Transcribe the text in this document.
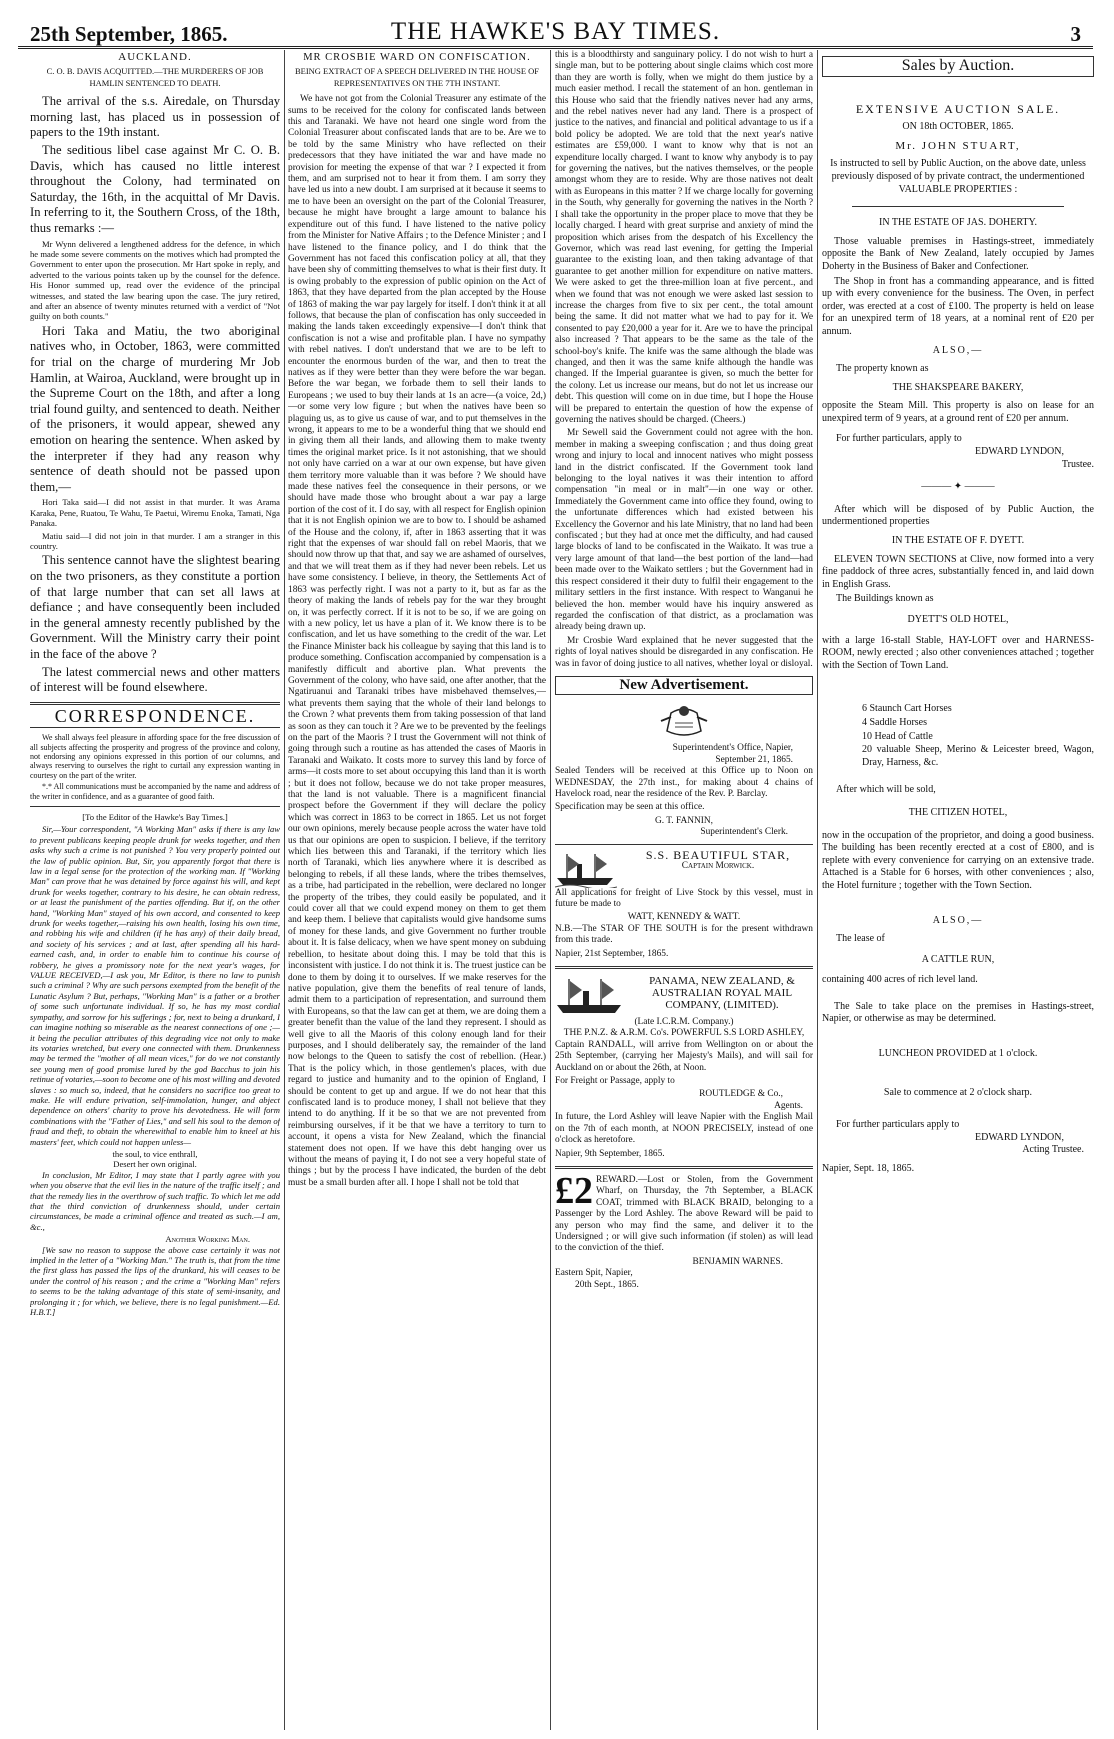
25th September, 1865.	THE HAWKE'S BAY TIMES.	3
AUCKLAND.
C. O. B. DAVIS ACQUITTED.—THE MURDERERS OF JOB HAMLIN SENTENCED TO DEATH.

The arrival of the s.s. Airedale, on Thursday morning last, has placed us in possession of papers to the 19th instant.

The seditious libel case against Mr C. O. B. Davis, which has caused no little interest throughout the Colony, had terminated on Saturday, the 16th, in the acquittal of Mr Davis. In referring to it, the Southern Cross, of the 18th, thus remarks :—

Mr Wynn delivered a lengthened address for the defence, in which he made some severe comments on the motives which had prompted the Government to enter upon the prosecution. Mr Hart spoke in reply, and adverted to the various points taken up by the counsel for the defence. His Honor summed up, read over the evidence of the principal witnesses, and stated the law bearing upon the case. The jury retired, and after an absence of twenty minutes returned with a verdict of "Not guilty on both counts."

Hori Taka and Matiu, the two aboriginal natives who, in October, 1863, were committed for trial on the charge of murdering Mr Job Hamlin, at Wairoa, Auckland, were brought up in the Supreme Court on the 18th, and after a long trial found guilty, and sentenced to death. Neither of the prisoners, it would appear, shewed any emotion on hearing the sentence. When asked by the interpreter if they had any reason why sentence of death should not be passed upon them,—

Hori Taka said—I did not assist in that murder. It was Arama Karaka, Pene, Ruatou, Te Wahu, Te Paetui, Wiremu Enoka, Tamati, Nga Panaka.

Matiu said—I did not join in that murder. I am a stranger in this country.

This sentence cannot have the slightest bearing on the two prisoners, as they constitute a portion of that large number that can set all laws at defiance ; and have consequently been included in the general amnesty recently published by the Government. Will the Ministry carry their point in the face of the above ?

The latest commercial news and other matters of interest will be found elsewhere.

CORRESPONDENCE.

We shall always feel pleasure in affording space for the free discussion of all subjects affecting the prosperity and progress of the province and colony, not endorsing any opinions expressed in this portion of our columns, and always reserving to ourselves the right to curtail any expression wanting in courtesy on the part of the writer.

*.* All communications must be accompanied by the name and address of the writer in confidence, and as a guarantee of good faith.

[To the Editor of the Hawke's Bay Times.]

Sir,—Your correspondent, "A Working Man" asks if there is any law to prevent publicans keeping people drunk for weeks together, and then asks why such a crime is not punished ? You very properly pointed out the law of public opinion. But, Sir, you apparently forgot that there is law in a legal sense for the protection of the working man. If "Working Man" can prove that he was detained by force against his will, and kept drunk for weeks together, contrary to his desire, he can obtain redress, or at least the punishment of the parties offending. But if, on the other hand, "Working Man" stayed of his own accord, and consented to keep drunk for weeks together,—raising his own health, losing his own time, and robbing his wife and children (if he has any) of their daily bread, and society of his services ; and at last, after spending all his hard-earned cash, and, in order to enable him to continue his course of robbery, he gives a promissory note for the next year's wages, for VALUE RECEIVED,—I ask you, Mr Editor, is there no law to punish such a criminal ? Why are such persons exempted from the benefit of the Lunatic Asylum ? But, perhaps, "Working Man" is a father or a brother of some such unfortunate individual. If so, he has my most cordial sympathy, and sorrow for his sufferings ; for, next to being a drunkard, I can imagine nothing so miserable as the nearest connections of one ;—it being the peculiar attributes of this degrading vice not only to make its votaries wretched, but every one connected with them. Drunkenness may be termed the "mother of all mean vices," for do we not constantly see young men of good promise lured by the god Bacchus to join his retinue of votaries,—soon to become one of his most willing and devoted slaves : so much so, indeed, that he considers no sacrifice too great to make. He will endure privation, self-immolation, hunger, and abject dependence on others' charity to prove his devotedness. He will form combinations with the "Father of Lies," and sell his soul to the demon of fraud and theft, to obtain the wherewithal to enable him to kneel at his masters' feet, which could not happen unless—

the soul, to vice enthrall,
Desert her own original.

In conclusion, Mr Editor, I may state that I partly agree with you when you observe that the evil lies in the nature of the traffic itself ; and that the remedy lies in the overthrow of such traffic. To which let me add that the third conviction of drunkenness should, under certain circumstances, be made a criminal offence and treated as such.—I am, &c.,

Another Working Man.

[We saw no reason to suppose the above case certainly it was not implied in the letter of a "Working Man." The truth is, that from the time the first glass has passed the lips of the drunkard, his will ceases to be under the control of his reason ; and the crime a "Working Man" refers to seems to be the taking advantage of this state of semi-insanity, and prolonging it ; for which, we believe, there is no legal punishment.—Ed. H.B.T.]

MR CROSBIE WARD ON CONFISCATION.
BEING EXTRACT OF A SPEECH DELIVERED IN THE HOUSE OF REPRESENTATIVES ON THE 7TH INSTANT.

We have not got from the Colonial Treasurer any estimate of the sums to be received for the colony for confiscated lands between this and Taranaki. We have not heard one single word from the Colonial Treasurer about confiscated lands that are to be. Are we to be told by the same Ministry who have reflected on their predecessors that they have initiated the war and have made no provision for meeting the expense of that war ? I expected it from them, and am surprised not to hear it from them. I am sorry they have led us into a new doubt. I am surprised at it because it seems to me to have been an oversight on the part of the Colonial Treasurer, because he might have brought a large amount to balance his expenditure out of this fund. I have listened to the native policy from the Minister for Native Affairs ; to the Defence Minister ; and I have listened to the finance policy, and I do think that the Government has not faced this confiscation policy at all, that they have been shy of committing themselves to what is their first duty. It is owing probably to the expression of public opinion on the Act of 1863, that they have departed from the plan accepted by the House of 1863 of making the war pay largely for itself. I don't think it at all follows, that because the plan of confiscation has only succeeded in making the lands taken exceedingly expensive—I don't think that confiscation is not a wise and profitable plan. I have no sympathy with rebel natives. I don't understand that we are to be left to encounter the enormous burden of the war, and then to treat the natives as if they were better than they were before the war began. Before the war began, we forbade them to sell their lands to Europeans ; we used to buy their lands at 1s an acre—(a voice, 2d,)—or some very low figure ; but when the natives have been so plaguing us, as to give us cause of war, and to put themselves in the wrong, it appears to me to be a wonderful thing that we should end in giving them all their lands, and allowing them to make twenty times the original market price. Is it not astonishing, that we should not only have carried on a war at our own expense, but have given them territory more valuable than it was before ? We should have made these natives feel the consequence in their persons, or we should have made those who brought about a war pay a large portion of the cost of it. I do say, with all respect for English opinion that it is not English opinion we are to bow to. I should be ashamed of the House and the colony, if, after in 1863 asserting that it was right that the expenses of war should fall on rebel Maoris, that we should now throw up that that, and say we are ashamed of ourselves, and that we will treat them as if they had never been rebels. Let us have some consistency. I believe, in theory, the Settlements Act of 1863 was perfectly right. I was not a party to it, but as far as the theory of making the lands of rebels pay for the war they brought on, it was perfectly correct. If it is not to be so, if we are going on with a new policy, let us have a plan of it. We know there is to be confiscation, and let us have something to the credit of the war. Let the Finance Minister back his colleague by saying that this land is to produce something. Confiscation accompanied by compensation is a manifestly difficult and abortive plan. What prevents the Government of the colony, who have said, one after another, that the Ngatiruanui and Taranaki tribes have misbehaved themselves,—what prevents them saying that the whole of their land belongs to the Crown ? what prevents them from taking possession of that land as soon as they can touch it ? Are we to be prevented by the feelings on the part of the Maoris ? I trust the Government will not think of going through such a routine as has attended the cases of Maoris in Taranaki and Waikato. It costs more to survey this land by force of arms—it costs more to set about occupying this land than it is worth ; but it does not follow, because we do not take proper measures, that the land is not valuable. There is a magnificent financial prospect before the Government if they will declare the policy which was correct in 1863 to be correct in 1865. Let us not forget our own opinions, merely because people across the water have told us that our opinions are open to suspicion. I believe, if the territory which lies between this and Taranaki, if the territory which lies north of Taranaki, which lies anywhere where it is described as belonging to rebels, if all these lands, where the tribes themselves, as a tribe, had participated in the rebellion, were declared no longer the property of the tribes, they could easily be populated, and it could cover all that we could expend money on them to get them and keep them. I believe that capitalists would give handsome sums of money for these lands, and give Government no further trouble about it. It is false delicacy, when we have spent money on subduing rebellion, to hesitate about doing this. I may be told that this is inconsistent with justice. I do not think it is. The truest justice can be done to them by doing it to ourselves. If we make reserves for the native population, give them the benefits of real tenure of lands, admit them to a participation of representation, and surround them with Europeans, so that the law can get at them, we are doing them a greater benefit than the value of the land they represent. I should as well give to all the Maoris of this colony enough land for their purposes, and I should deliberately say, the remainder of the land now belongs to the Queen to satisfy the cost of rebellion. (Hear.) That is the policy which, in those gentlemen's places, with due regard to justice and humanity and to the opinion of England, I should be content to get up and argue. If we do not hear that this confiscated land is to produce money, I shall not believe that they intend to do anything. If it be so that we are not prevented from reimbursing ourselves, if it be that we have a territory to turn to account, it opens a vista for New Zealand, which the financial statement does not open. If we have this debt hanging over us without the means of paying it, I do not see a very hopeful state of things ; but by the process I have indicated, the burden of the debt must be a small burden after all. I hope I shall not be told that

this is a bloodthirsty and sanguinary policy. I do not wish to hurt a single man, but to be pottering about single claims which cost more than they are worth is folly, when we might do them justice by a much easier method. I recall the statement of an hon. gentleman in this House who said that the friendly natives never had any arms, and the rebel natives never had any land. There is a prospect of justice to the natives, and financial and political advantage to us if a bold policy be adopted. We are told that the next year's native estimates are £59,000. I want to know why that is not an expenditure locally charged. I want to know why anybody is to pay for governing the natives, but the natives themselves, or the people amongst whom they are to reside. Why are those natives not dealt with as Europeans in this matter ? If we charge locally for governing in the South, why generally for governing the natives in the North ? I shall take the opportunity in the proper place to move that they be locally charged. I heard with great surprise and anxiety of mind the proposition which arises from the despatch of his Excellency the Governor, which was read last evening, for getting the Imperial guarantee to the existing loan, and then taking advantage of that guarantee to get another million for expenditure on native matters. We were asked to get the three-million loan at five percent., and when we found that was not enough we were asked last session to increase the charges from five to six per cent., the total amount being the same. It did not matter what we had to pay for it. We consented to pay £20,000 a year for it. Are we to have the principal also increased ? That appears to be the same as the tale of the school-boy's knife. The knife was the same although the blade was changed, and then it was the same knife although the handle was changed. If the Imperial guarantee is given, so much the better for the colony. Let us increase our means, but do not let us increase our debt. This question will come on in due time, but I hope the House will be prepared to entertain the question of how the expense of governing the natives should be charged. (Cheers.)

Mr Sewell said the Government could not agree with the hon. member in making a sweeping confiscation ; and thus doing great wrong and injury to local and innocent natives who might possess land in the district confiscated. If the Government took land belonging to the loyal natives it was their intention to afford compensation "in meal or in malt"—in one way or other. Immediately the Government came into office they found, owing to the unfortunate differences which had existed between his Excellency the Governor and his late Ministry, that no land had been confiscated ; but they had at once met the difficulty, and had caused large blocks of land to be confiscated in the Waikato. It was true a very large amount of that land—the best portion of the land—had been made over to the Waikato settlers ; but the Government had in this respect considered it their duty to fulfil their engagement to the military settlers in the first instance. With respect to Wanganui he believed the hon. member would have his inquiry answered as regarded the confiscation of that district, as a proclamation was already being drawn up.

Mr Crosbie Ward explained that he never suggested that the rights of loyal natives should be disregarded in any confiscation. He was in favor of doing justice to all natives, whether loyal or disloyal.

New Advertisement.
Superintendent's Office, Napier,
September 21, 1865.

Sealed Tenders will be received at this Office up to Noon on WEDNESDAY, the 27th inst., for making about 4 chains of Havelock road, near the residence of the Rev. P. Barclay.

Specification may be seen at this office.

G. T. FANNIN,
Superintendent's Clerk.
S.S. BEAUTIFUL STAR,
Captain Morwick.

All applications for freight of Live Stock by this vessel, must in future be made to

WATT, KENNEDY & WATT.

N.B.—The STAR OF THE SOUTH is for the present withdrawn from this trade.

Napier, 21st September, 1865.

PANAMA, NEW ZEALAND, & AUSTRALIAN ROYAL MAIL COMPANY, (LIMITED).
(Late I.C.R.M. Company.)
THE P.N.Z. & A.R.M. Co's. POWERFUL S.S LORD ASHLEY,

Captain RANDALL, will arrive from Wellington on or about the 25th September, (carrying her Majesty's Mails), and will sail for Auckland on or about the 26th, at Noon.

For Freight or Passage, apply to

ROUTLEDGE & Co.,
Agents.

In future, the Lord Ashley will leave Napier with the English Mail on the 7th of each month, at NOON PRECISELY, instead of one o'clock as heretofore.

Napier, 9th September, 1865.

£2 REWARD.—Lost or Stolen, from the Government Wharf, on Thursday, the 7th September, a BLACK COAT, trimmed with BLACK BRAID, belonging to a Passenger by the Lord Ashley. The above Reward will be paid to any person who may find the same, and deliver it to the Undersigned ; or will give such information (if stolen) as will lead to the conviction of the thief.

BENJAMIN WARNES.
Eastern Spit, Napier,
20th Sept., 1865.
Sales by Auction.
EXTENSIVE AUCTION SALE.
ON 18th OCTOBER, 1865.
Mr. JOHN STUART,

Is instructed to sell by Public Auction, on the above date, unless previously disposed of by private contract, the undermentioned VALUABLE PROPERTIES :

IN THE ESTATE OF JAS. DOHERTY.

Those valuable premises in Hastings-street, immediately opposite the Bank of New Zealand, lately occupied by James Doherty in the Business of Baker and Confectioner.

The Shop in front has a commanding appearance, and is fitted up with every convenience for the business. The Oven, in perfect order, was erected at a cost of £100. The property is held on lease for an unexpired term of 18 years, at a nominal rent of £20 per annum.

ALSO,—
The property known as
THE SHAKSPEARE BAKERY,

opposite the Steam Mill. This property is also on lease for an unexpired term of 9 years, at a ground rent of £20 per annum.

For further particulars, apply to
EDWARD LYNDON,
Trustee.
——— ✦ ———

After which will be disposed of by Public Auction, the undermentioned properties

IN THE ESTATE OF F. DYETT.

ELEVEN TOWN SECTIONS at Clive, now formed into a very fine paddock of three acres, substantially fenced in, and laid down in English Grass.

The Buildings known as
DYETT'S OLD HOTEL,

with a large 16-stall Stable, HAY-LOFT over and HARNESS-ROOM, newly erected ; also other conveniences attached ; together with the Section of Town Land.

6 Staunch Cart Horses
4 Saddle Horses
10 Head of Cattle
20 valuable Sheep, Merino & Leicester breed, Wagon, Dray, Harness, &c.
After which will be sold,
THE CITIZEN HOTEL,

now in the occupation of the proprietor, and doing a good business. The building has been recently erected at a cost of £800, and is replete with every convenience for carrying on an extensive trade. Attached is a Stable for 6 horses, with other conveniences ; also, the Hotel furniture ; together with the Town Section.

ALSO,—
The lease of
A CATTLE RUN,
containing 400 acres of rich level land.

The Sale to take place on the premises in Hastings-street, Napier, or otherwise as may be determined.

LUNCHEON PROVIDED at 1 o'clock.
Sale to commence at 2 o'clock sharp.
For further particulars apply to
EDWARD LYNDON,
Acting Trustee.
Napier, Sept. 18, 1865.
